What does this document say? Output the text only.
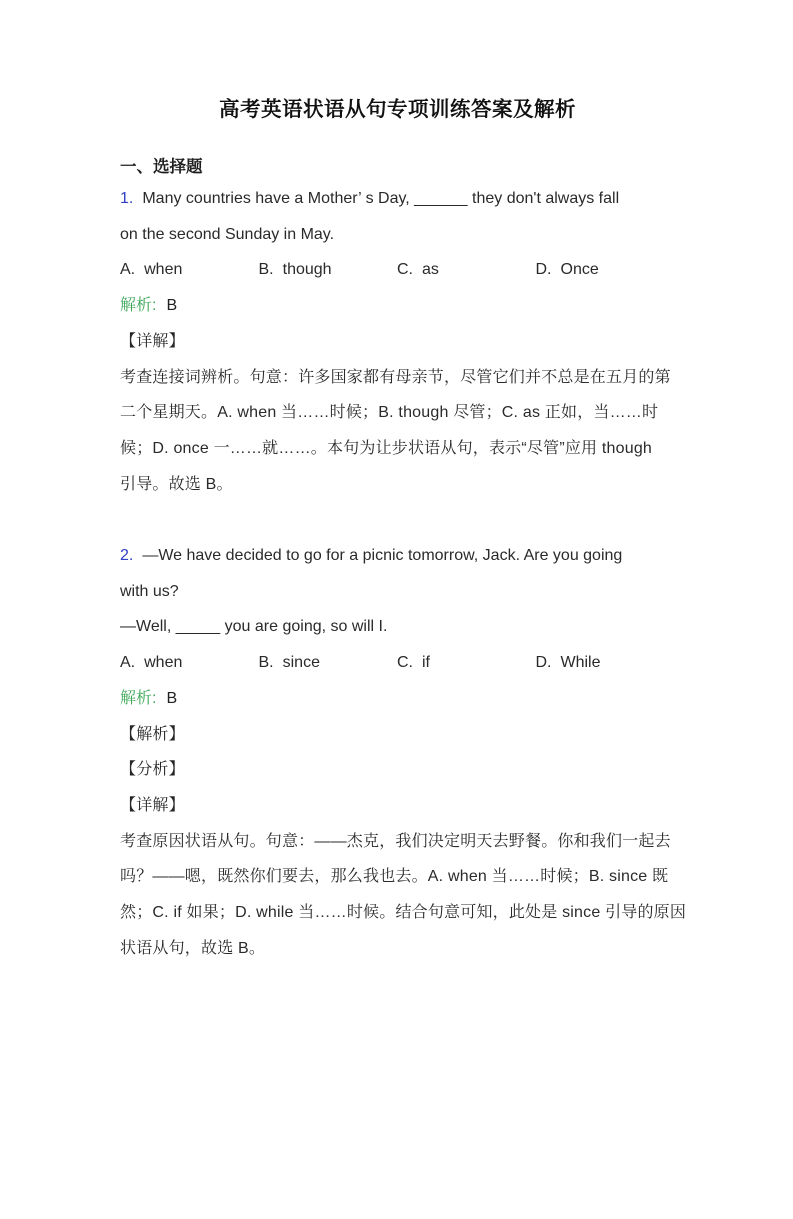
高考英语状语从句专项训练答案及解析
一、选择题
1. Many countries have a Mother’ s Day, ______ they don't always fall
on the second Sunday in May.
A. when	B. though	C. as	D. Once
解析: B
【详解】
考查连接词辨析。句意：许多国家都有母亲节，尽管它们并不总是在五月的第
二个星期天。A. when 当……时候；B. though 尽管；C. as 正如，当……时
候；D. once 一……就……。本句为让步状语从句，表示“尽管”应用 though
引导。故选 B。
2. —We have decided to go for a picnic tomorrow, Jack. Are you going
with us?
—Well, _____ you are going, so will I.
A. when	B. since	C. if	D. While
解析: B
【解析】
【分析】
【详解】
考查原因状语从句。句意：——杰克，我们决定明天去野餐。你和我们一起去
吗？——嗯，既然你们要去，那么我也去。A. when 当……时候；B. since 既
然；C. if 如果；D. while 当……时候。结合句意可知，此处是 since 引导的原因
状语从句，故选 B。
